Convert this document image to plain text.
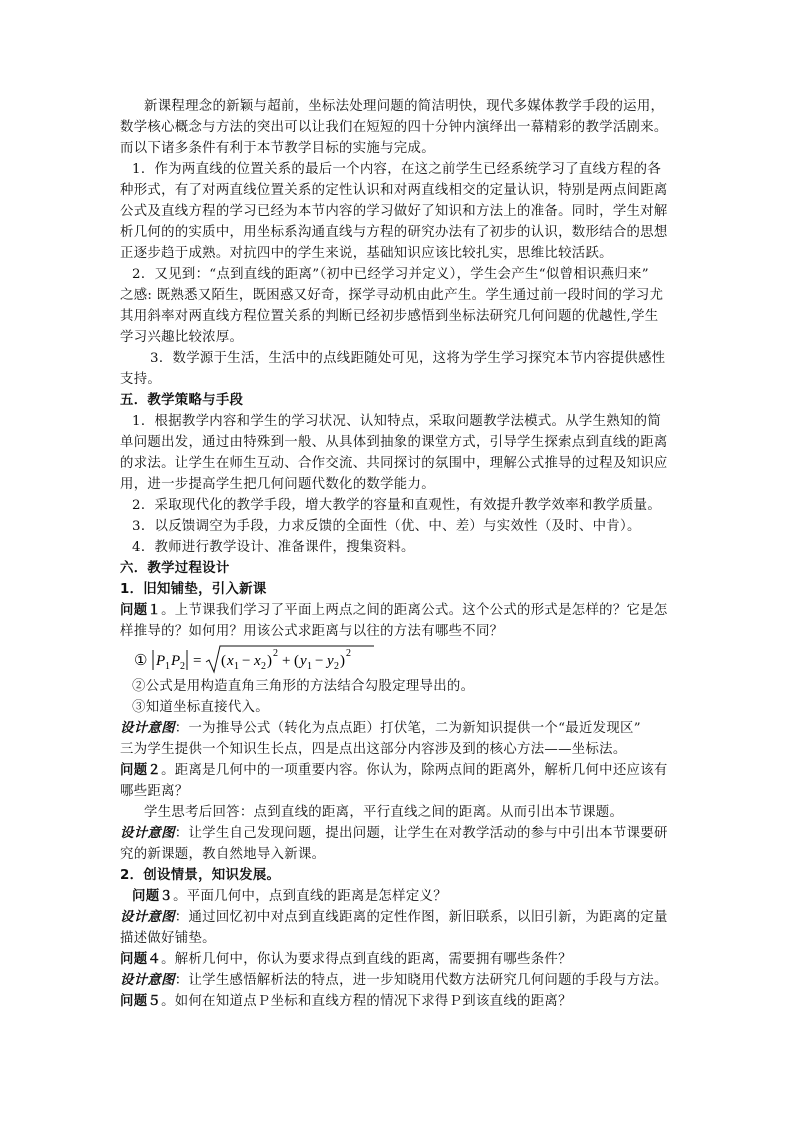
新课程理念的新颖与超前，坐标法处理问题的简洁明快，现代多媒体教学手段的运用，
数学核心概念与方法的突出可以让我们在短短的四十分钟内演绎出一幕精彩的教学活剧来。
而以下诸多条件有利于本节教学目标的实施与完成。
1．作为两直线的位置关系的最后一个内容，在这之前学生已经系统学习了直线方程的各
种形式，有了对两直线位置关系的定性认识和对两直线相交的定量认识，特别是两点间距离
公式及直线方程的学习已经为本节内容的学习做好了知识和方法上的准备。同时，学生对解
析几何的的实质中，用坐标系沟通直线与方程的研究办法有了初步的认识，数形结合的思想
正逐步趋于成熟。对抗四中的学生来说，基础知识应该比较扎实，思维比较活跃。
2．又见到：“点到直线的距离”（初中已经学习并定义），学生会产生“似曾相识燕归来”
之感: 既熟悉又陌生，既困惑又好奇，探学寻动机由此产生。学生通过前一段时间的学习尤
其用斜率对两直线方程位置关系的判断已经初步感悟到坐标法研究几何问题的优越性,学生
学习兴趣比较浓厚。
3．数学源于生活，生活中的点线距随处可见，这将为学生学习探究本节内容提供感性
支持。
五．教学策略与手段
1．根据教学内容和学生的学习状况、认知特点，采取问题教学法模式。从学生熟知的简
单问题出发，通过由特殊到一般、从具体到抽象的课堂方式，引导学生探索点到直线的距离
的求法。让学生在师生互动、合作交流、共同探讨的氛围中，理解公式推导的过程及知识应
用，进一步提高学生把几何问题代数化的数学能力。
2．采取现代化的教学手段，增大教学的容量和直观性，有效提升教学效率和教学质量。
3．以反馈调空为手段，力求反馈的全面性（优、中、差）与实效性（及时、中肯）。
4．教师进行教学设计、准备课件，搜集资料。
六．教学过程设计
1．旧知铺垫，引入新课
问题１。上节课我们学习了平面上两点之间的距离公式。这个公式的形式是怎样的？它是怎
样推导的？如何用？用该公式求距离与以往的方法有哪些不同？
① P 1 P 2 = ( x 1 − x 2 ) 2 + ( y 1 − y 2 ) 2
②公式是用构造直角三角形的方法结合勾股定理导出的。
③知道坐标直接代入。
设计意图：一为推导公式（转化为点点距）打伏笔，二为新知识提供一个“最近发现区”
三为学生提供一个知识生长点，四是点出这部分内容涉及到的核心方法——坐标法。
问题２。距离是几何中的一项重要内容。你认为，除两点间的距离外，解析几何中还应该有
哪些距离？
学生思考后回答：点到直线的距离，平行直线之间的距离。从而引出本节课题。
设计意图：让学生自己发现问题，提出问题，让学生在对教学活动的参与中引出本节课要研
究的新课题，教自然地导入新课。
2．创设情景，知识发展。
问题３。平面几何中，点到直线的距离是怎样定义？
设计意图：通过回忆初中对点到直线距离的定性作图，新旧联系，以旧引新，为距离的定量
描述做好铺垫。
问题４。解析几何中，你认为要求得点到直线的距离，需要拥有哪些条件？
设计意图：让学生感悟解析法的特点，进一步知晓用代数方法研究几何问题的手段与方法。
问题５。如何在知道点Ｐ坐标和直线方程的情况下求得Ｐ到该直线的距离？
